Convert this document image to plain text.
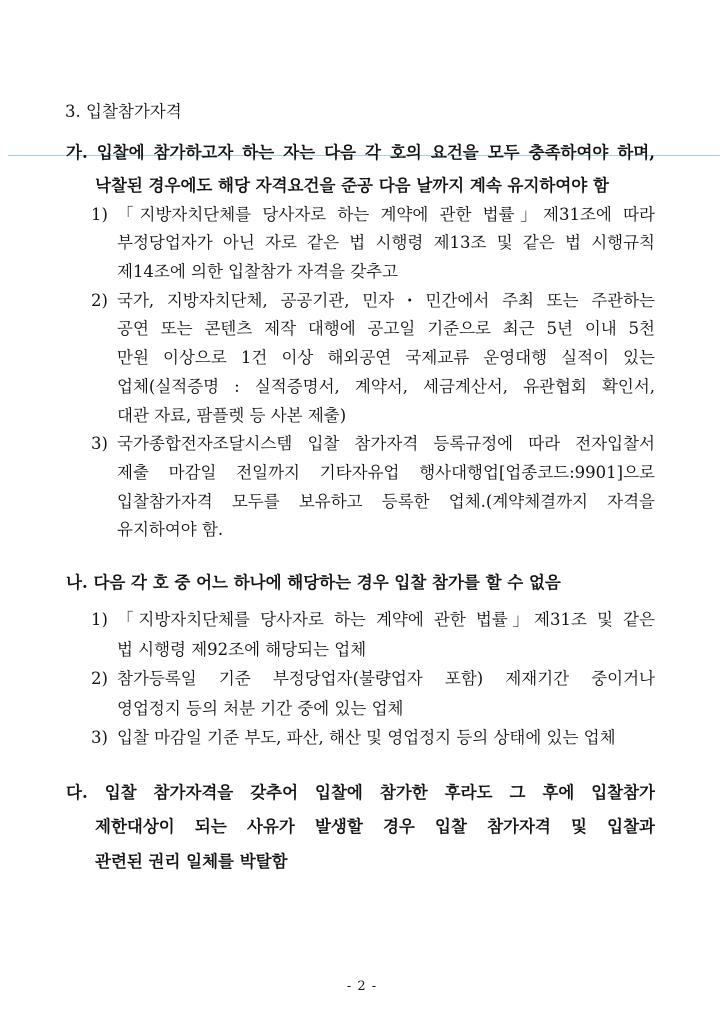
3. 입찰참가자격
가. 입찰에 참가하고자 하는 자는 다음 각 호의 요건을 모두 충족하여야 하며,
낙찰된 경우에도 해당 자격요건을 준공 다음 날까지 계속 유지하여야 함
1) 「지방자치단체를 당사자로 하는 계약에 관한 법률」제31조에 따라
부정당업자가 아닌 자로 같은 법 시행령 제13조 및 같은 법 시행규칙
제14조에 의한 입찰참가 자격을 갖추고
2) 국가, 지방자치단체, 공공기관, 민자・민간에서 주최 또는 주관하는
공연 또는 콘텐츠 제작 대행에 공고일 기준으로 최근 5년 이내 5천
만원 이상으로 1건 이상 해외공연 국제교류 운영대행 실적이 있는
업체(실적증명 : 실적증명서, 계약서, 세금계산서, 유관협회 확인서,
대관 자료, 팜플렛 등 사본 제출)
3) 국가종합전자조달시스템 입찰 참가자격 등록규정에 따라 전자입찰서
제출 마감일 전일까지 기타자유업 행사대행업[업종코드:9901]으로
입찰참가자격 모두를 보유하고 등록한 업체.(계약체결까지 자격을
유지하여야 함.
나. 다음 각 호 중 어느 하나에 해당하는 경우 입찰 참가를 할 수 없음
1) 「지방자치단체를 당사자로 하는 계약에 관한 법률」제31조 및 같은
법 시행령 제92조에 해당되는 업체
2) 참가등록일 기준 부정당업자(불량업자 포함) 제재기간 중이거나
영업정지 등의 처분 기간 중에 있는 업체
3) 입찰 마감일 기준 부도, 파산, 해산 및 영업정지 등의 상태에 있는 업체
다. 입찰 참가자격을 갖추어 입찰에 참가한 후라도 그 후에 입찰참가
제한대상이 되는 사유가 발생할 경우 입찰 참가자격 및 입찰과
관련된 권리 일체를 박탈함
- 2 -
